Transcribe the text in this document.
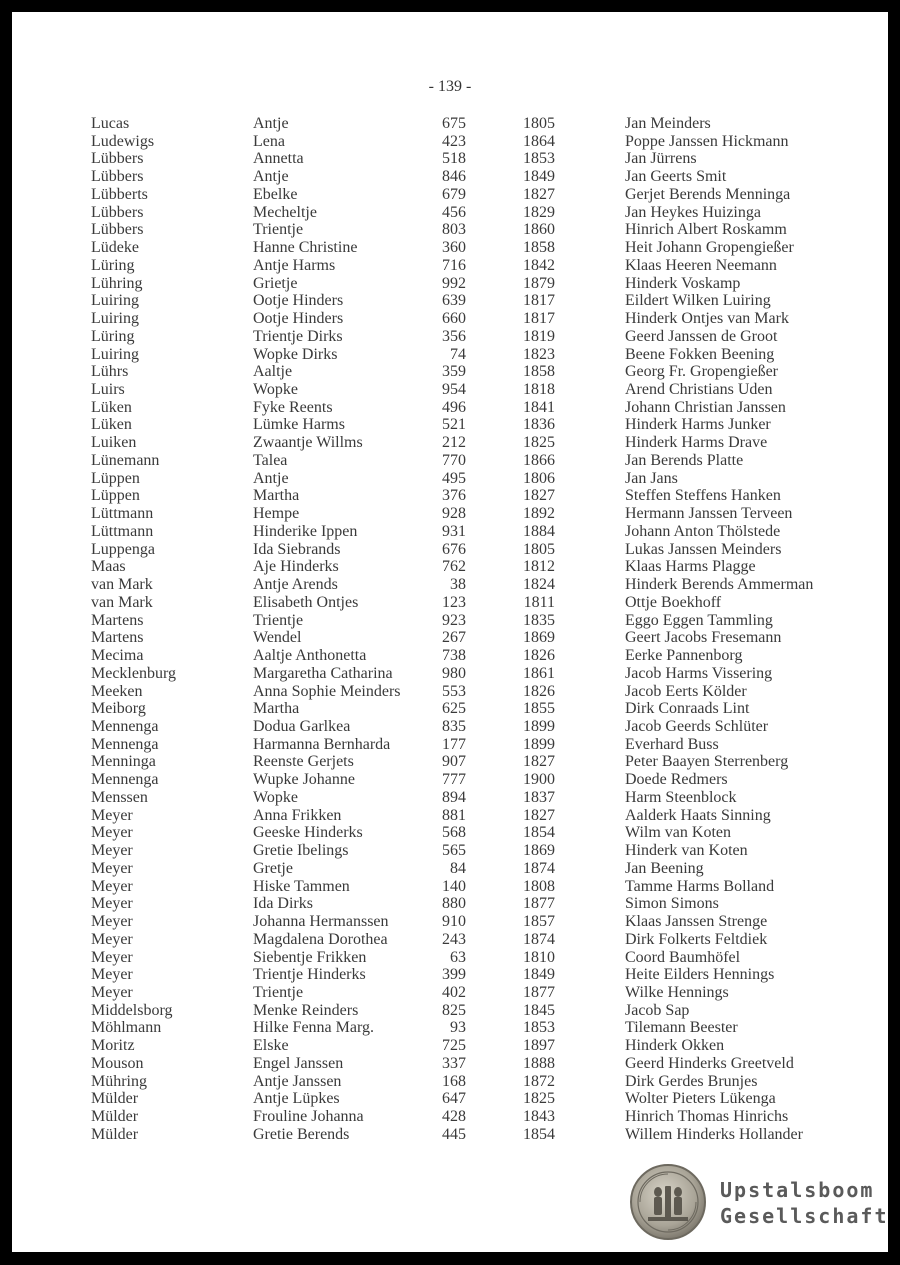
- 139 -
Lucas	Antje	675	1805	Jan Meinders
Ludewigs	Lena	423	1864	Poppe Janssen Hickmann
Lübbers	Annetta	518	1853	Jan Jürrens
Lübbers	Antje	846	1849	Jan Geerts Smit
Lübberts	Ebelke	679	1827	Gerjet Berends Menninga
Lübbers	Mecheltje	456	1829	Jan Heykes Huizinga
Lübbers	Trientje	803	1860	Hinrich Albert Roskamm
Lüdeke	Hanne Christine	360	1858	Heit Johann Gropengießer
Lüring	Antje Harms	716	1842	Klaas Heeren Neemann
Lühring	Grietje	992	1879	Hinderk Voskamp
Luiring	Ootje Hinders	639	1817	Eildert Wilken Luiring
Luiring	Ootje Hinders	660	1817	Hinderk Ontjes van Mark
Lüring	Trientje Dirks	356	1819	Geerd Janssen de Groot
Luiring	Wopke Dirks	74	1823	Beene Fokken Beening
Lührs	Aaltje	359	1858	Georg Fr. Gropengießer
Luirs	Wopke	954	1818	Arend Christians Uden
Lüken	Fyke Reents	496	1841	Johann Christian Janssen
Lüken	Lümke Harms	521	1836	Hinderk Harms Junker
Luiken	Zwaantje Willms	212	1825	Hinderk Harms Drave
Lünemann	Talea	770	1866	Jan Berends Platte
Lüppen	Antje	495	1806	Jan Jans
Lüppen	Martha	376	1827	Steffen Steffens Hanken
Lüttmann	Hempe	928	1892	Hermann Janssen Terveen
Lüttmann	Hinderike Ippen	931	1884	Johann Anton Thölstede
Luppenga	Ida Siebrands	676	1805	Lukas Janssen Meinders
Maas	Aje Hinderks	762	1812	Klaas Harms Plagge
van Mark	Antje Arends	38	1824	Hinderk Berends Ammerman
van Mark	Elisabeth Ontjes	123	1811	Ottje Boekhoff
Martens	Trientje	923	1835	Eggo Eggen Tammling
Martens	Wendel	267	1869	Geert Jacobs Fresemann
Mecima	Aaltje Anthonetta	738	1826	Eerke Pannenborg
Mecklenburg	Margaretha Catharina	980	1861	Jacob Harms Vissering
Meeken	Anna Sophie Meinders	553	1826	Jacob Eerts Kölder
Meiborg	Martha	625	1855	Dirk Conraads Lint
Mennenga	Dodua Garlkea	835	1899	Jacob Geerds Schlüter
Mennenga	Harmanna Bernharda	177	1899	Everhard Buss
Menninga	Reenste Gerjets	907	1827	Peter Baayen Sterrenberg
Mennenga	Wupke Johanne	777	1900	Doede Redmers
Menssen	Wopke	894	1837	Harm Steenblock
Meyer	Anna Frikken	881	1827	Aalderk Haats Sinning
Meyer	Geeske Hinderks	568	1854	Wilm van Koten
Meyer	Gretie Ibelings	565	1869	Hinderk van Koten
Meyer	Gretje	84	1874	Jan Beening
Meyer	Hiske Tammen	140	1808	Tamme Harms Bolland
Meyer	Ida Dirks	880	1877	Simon Simons
Meyer	Johanna Hermanssen	910	1857	Klaas Janssen Strenge
Meyer	Magdalena Dorothea	243	1874	Dirk Folkerts Feltdiek
Meyer	Siebentje Frikken	63	1810	Coord Baumhöfel
Meyer	Trientje Hinderks	399	1849	Heite Eilders Hennings
Meyer	Trientje	402	1877	Wilke Hennings
Middelsborg	Menke Reinders	825	1845	Jacob Sap
Möhlmann	Hilke Fenna Marg.	93	1853	Tilemann Beester
Moritz	Elske	725	1897	Hinderk Okken
Mouson	Engel Janssen	337	1888	Geerd Hinderks Greetveld
Mühring	Antje Janssen	168	1872	Dirk Gerdes Brunjes
Mülder	Antje Lüpkes	647	1825	Wolter Pieters Lükenga
Mülder	Frouline Johanna	428	1843	Hinrich Thomas Hinrichs
Mülder	Gretie Berends	445	1854	Willem Hinderks Hollander
Upstalsboom
Gesellschaft
